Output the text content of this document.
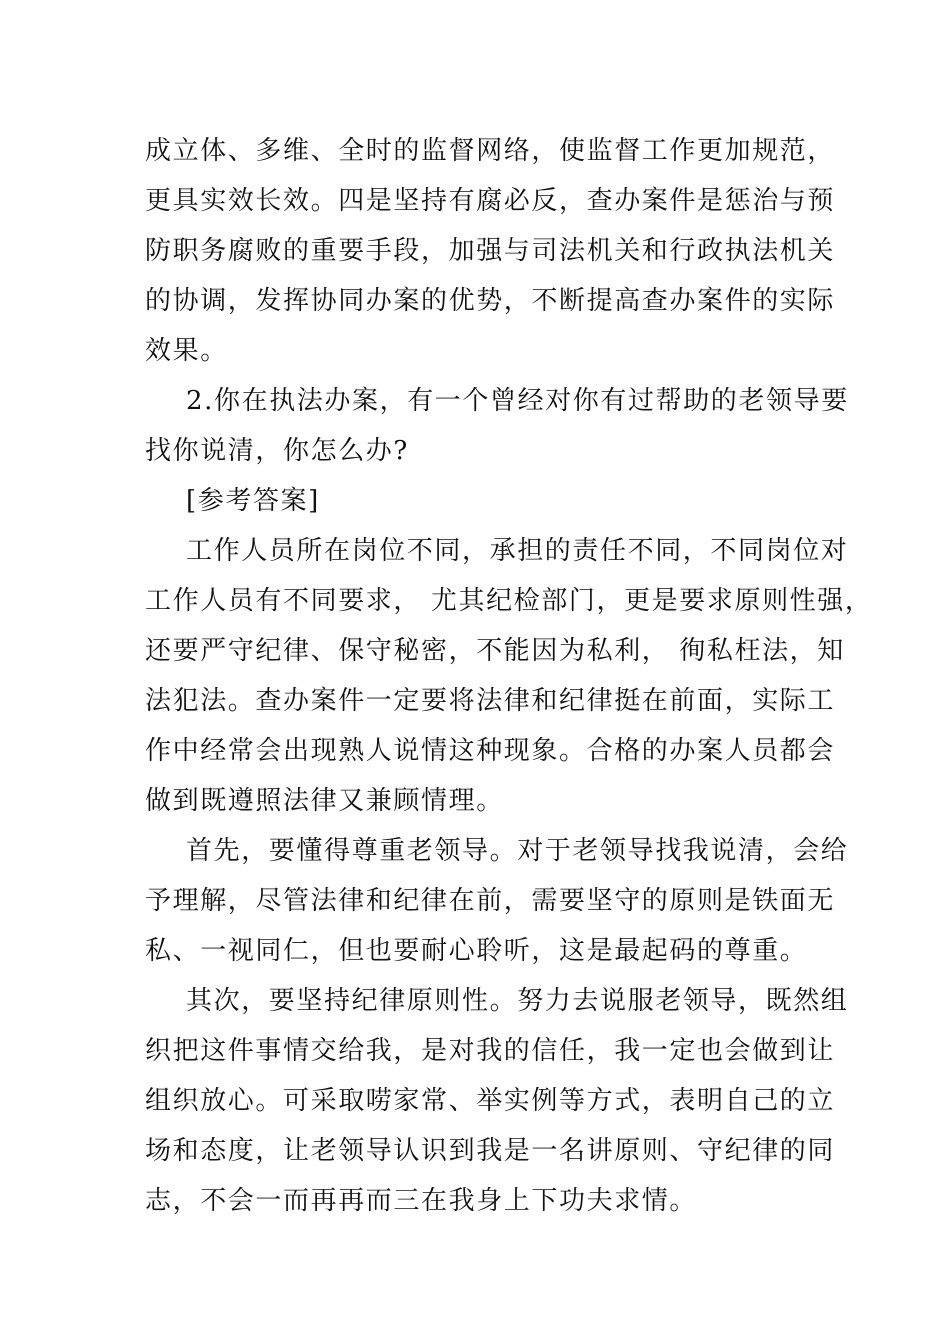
成立体、多维、全时的监督网络，使监督工作更加规范，

更具实效长效。四是坚持有腐必反，查办案件是惩治与预

防职务腐败的重要手段，加强与司法机关和行政执法机关

的协调，发挥协同办案的优势，不断提高查办案件的实际

效果。

2.你在执法办案，有一个曾经对你有过帮助的老领导要

找你说清，你怎么办?

[参考答案]

工作人员所在岗位不同，承担的责任不同，不同岗位对

工作人员有不同要求， 尤其纪检部门，更是要求原则性强，

还要严守纪律、保守秘密，不能因为私利， 徇私枉法，知

法犯法。查办案件一定要将法律和纪律挺在前面，实际工

作中经常会出现熟人说情这种现象。合格的办案人员都会

做到既遵照法律又兼顾情理。

首先，要懂得尊重老领导。对于老领导找我说清，会给

予理解，尽管法律和纪律在前，需要坚守的原则是铁面无

私、一视同仁，但也要耐心聆听，这是最起码的尊重。

其次，要坚持纪律原则性。努力去说服老领导，既然组

织把这件事情交给我，是对我的信任，我一定也会做到让

组织放心。可采取唠家常、举实例等方式，表明自己的立

场和态度，让老领导认识到我是一名讲原则、守纪律的同

志，不会一而再再而三在我身上下功夫求情。
